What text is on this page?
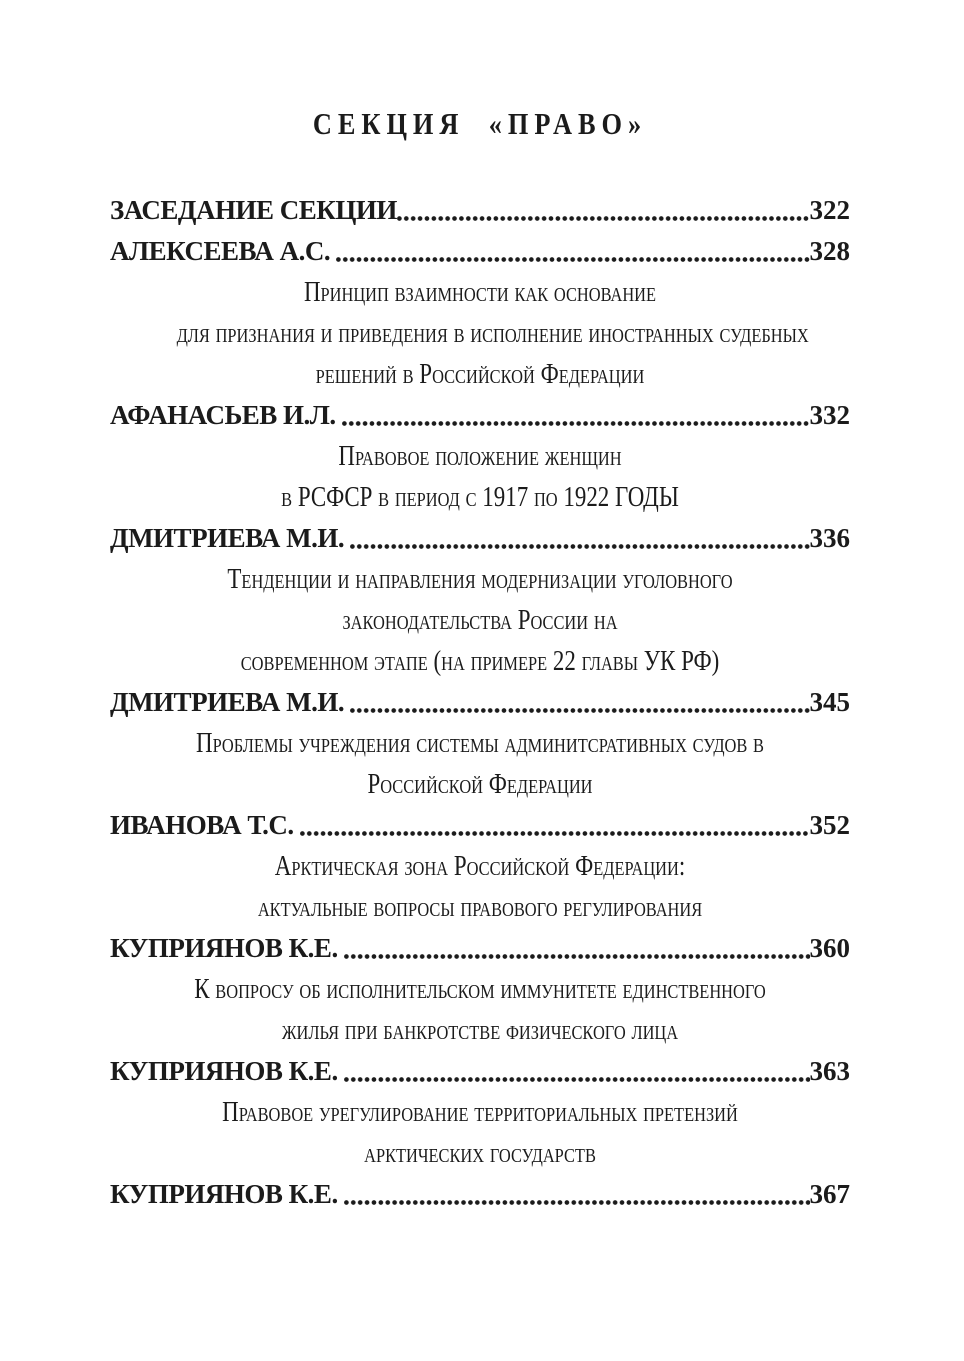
СЕКЦИЯ «ПРАВО»
ЗАСЕДАНИЕ СЕКЦИИ	322
АЛЕКСЕЕВА А.С.	328
Принцип взаимности как основание
для признания и приведения в исполнение иностранных судебных
решений в Российской Федерации
АФАНАСЬЕВ И.Л.	332
Правовое положение женщин
в РСФСР в период с 1917 по 1922 ГОДЫ
ДМИТРИЕВА М.И.	336
Тенденции и направления модернизации уголовного
законодательства России на
современном этапе (на примере 22 главы УК РФ)
ДМИТРИЕВА М.И.	345
Проблемы учреждения системы админитсративных судов в
Российской Федерации
ИВАНОВА Т.С.	352
Арктическая зона Российской Федерации:
актуальные вопросы правового регулирования
КУПРИЯНОВ К.Е.	360
К вопросу об исполнительском иммунитете единственного
жилья при банкротстве физического лица
КУПРИЯНОВ К.Е.	363
Правовое урегулирование территориальных претензий
арктических государств
КУПРИЯНОВ К.Е.	367
